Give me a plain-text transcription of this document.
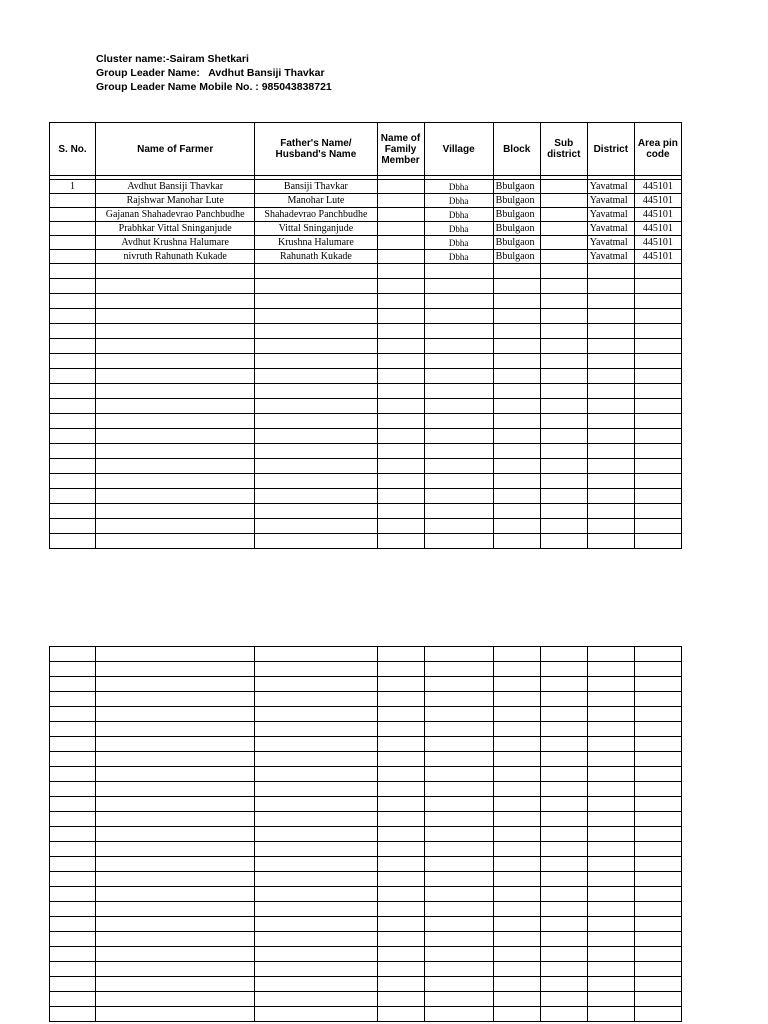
Cluster name:-Sairam Shetkari
Group Leader Name:   Avdhut Bansiji Thavkar
Group Leader Name Mobile No. : 985043838721
S. No.	Name of Farmer	Father's Name/ Husband's Name	Name of Family Member	Village	Block	Sub district	District	Area pin code

1	Avdhut Bansiji Thavkar	Bansiji Thavkar		Dbha	Bbulgaon		Yavatmal	445101
	Rajshwar Manohar Lute	Manohar Lute		Dbha	Bbulgaon		Yavatmal	445101
	Gajanan Shahadevrao Panchbudhe	Shahadevrao Panchbudhe		Dbha	Bbulgaon		Yavatmal	445101
	Prabhkar Vittal Sninganjude	Vittal Sninganjude		Dbha	Bbulgaon		Yavatmal	445101
	Avdhut Krushna Halumare	Krushna Halumare		Dbha	Bbulgaon		Yavatmal	445101
	nivruth Rahunath Kukade	Rahunath Kukade		Dbha	Bbulgaon		Yavatmal	445101
